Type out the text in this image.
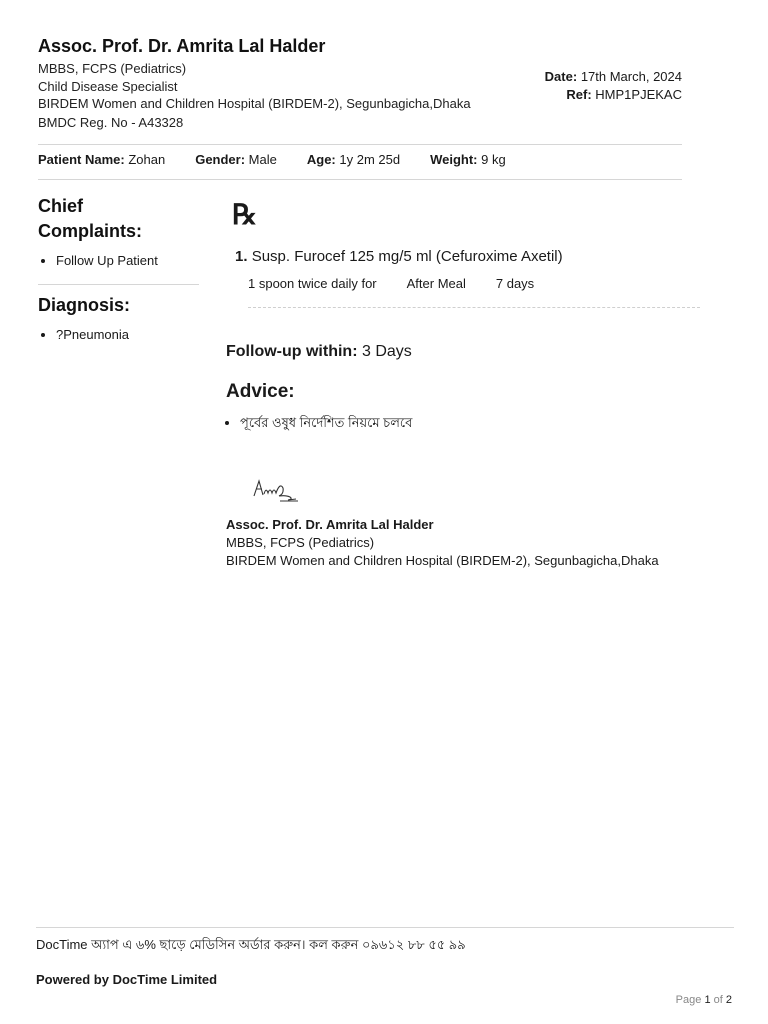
Assoc. Prof. Dr. Amrita Lal Halder
MBBS, FCPS (Pediatrics)
Child Disease Specialist
BIRDEM Women and Children Hospital (BIRDEM-2), Segunbagicha,Dhaka
BMDC Reg. No - A43328
Date: 17th March, 2024
Ref: HMP1PJEKAC
Patient Name: Zohan Gender: Male Age: 1y 2m 25d Weight: 9 kg
Chief Complaints:
• Follow Up Patient
Diagnosis:
• ?Pneumonia
℞
1. Susp. Furocef 125 mg/5 ml (Cefuroxime Axetil)
1 spoon twice daily for After Meal 7 days
Follow-up within: 3 Days
Advice:
• পূর্বের ওষুধ নির্দেশিত নিয়মে চলবে
Assoc. Prof. Dr. Amrita Lal Halder
MBBS, FCPS (Pediatrics)
BIRDEM Women and Children Hospital (BIRDEM-2), Segunbagicha,Dhaka
DocTime অ্যাপ এ ৬% ছাড়ে মেডিসিন অর্ডার করুন। কল করুন ০৯৬১২ ৮৮ ৫৫ ৯৯
Powered by DocTime Limited
Page 1 of 2
